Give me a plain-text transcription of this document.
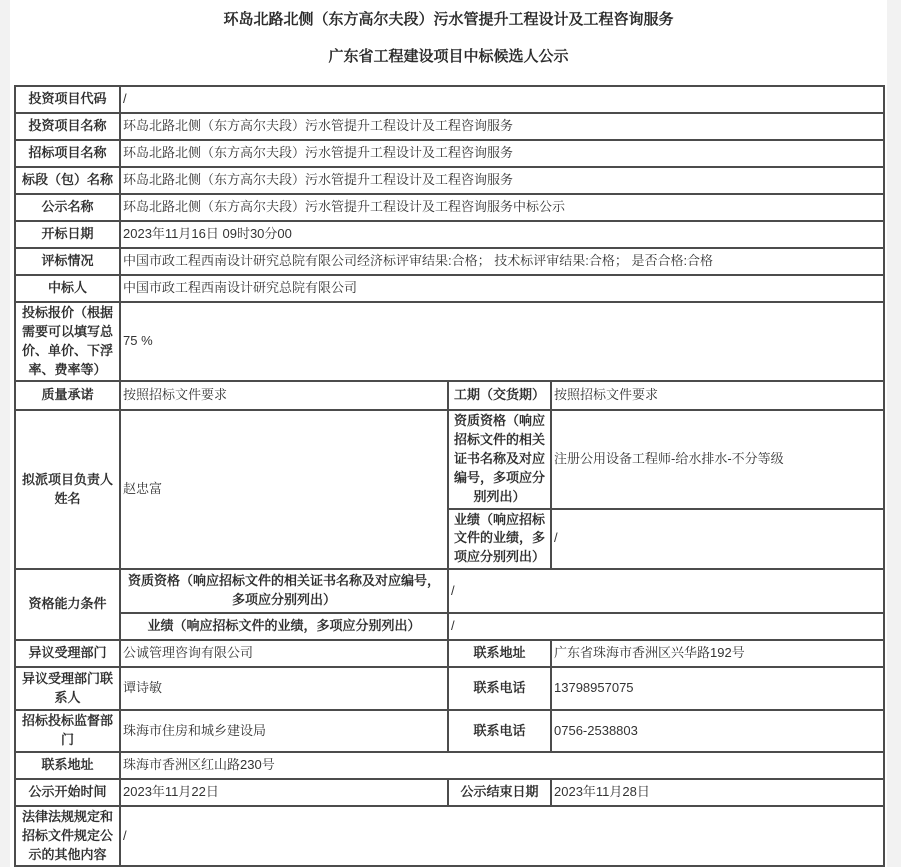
环岛北路北侧（东方高尔夫段）污水管提升工程设计及工程咨询服务
广东省工程建设项目中标候选人公示
投资项目代码	/		
投资项目名称	环岛北路北侧（东方高尔夫段）污水管提升工程设计及工程咨询服务		
招标项目名称	环岛北路北侧（东方高尔夫段）污水管提升工程设计及工程咨询服务		
标段（包）名称	环岛北路北侧（东方高尔夫段）污水管提升工程设计及工程咨询服务		
公示名称	环岛北路北侧（东方高尔夫段）污水管提升工程设计及工程咨询服务中标公示		
开标日期	2023年11月16日 09时30分00		
评标情况	中国市政工程西南设计研究总院有限公司经济标评审结果:合格； 技术标评审结果:合格； 是否合格:合格		
中标人	中国市政工程西南设计研究总院有限公司		
投标报价（根据需要可以填写总价、单价、下浮率、费率等）	75 %		
质量承诺	按照招标文件要求	工期（交货期）	按照招标文件要求
拟派项目负责人姓名	赵忠富	资质资格（响应招标文件的相关证书名称及对应编号，多项应分别列出）	注册公用设备工程师-给水排水-不分等级
		业绩（响应招标文件的业绩，多项应分别列出）	/
资格能力条件	资质资格（响应招标文件的相关证书名称及对应编号，多项应分别列出）	/	
	业绩（响应招标文件的业绩，多项应分别列出）	/	
异议受理部门	公诚管理咨询有限公司	联系地址	广东省珠海市香洲区兴华路192号
异议受理部门联系人	谭诗敏	联系电话	13798957075
招标投标监督部门	珠海市住房和城乡建设局	联系电话	0756-2538803
联系地址	珠海市香洲区红山路230号		
公示开始时间	2023年11月22日	公示结束日期	2023年11月28日
法律法规规定和招标文件规定公示的其他内容	/		
